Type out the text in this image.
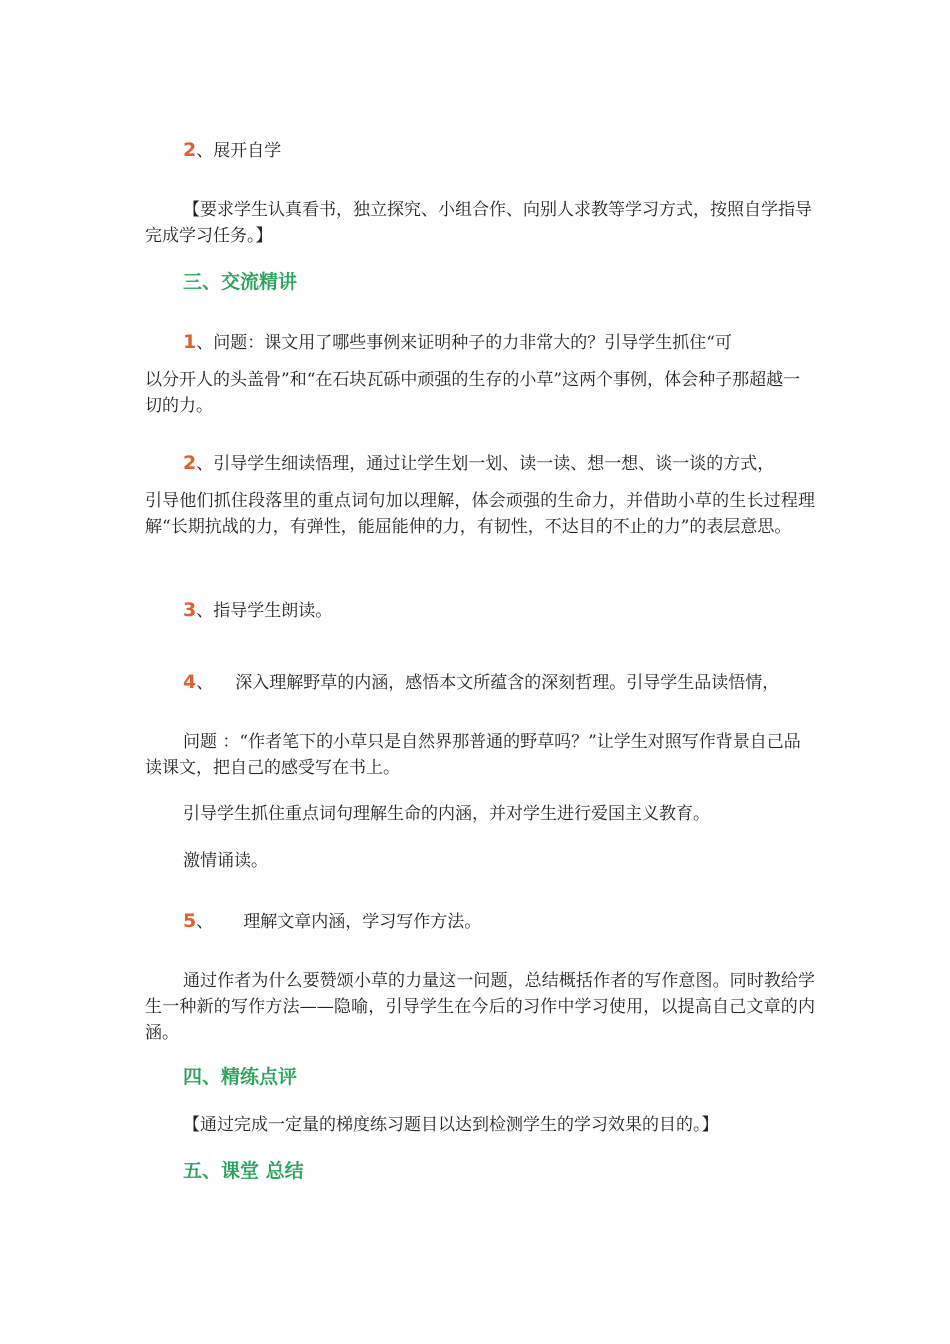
2、展开自学
【要求学生认真看书，独立探究、小组合作、向别人求教等学习方式，按照自学指导完成学习任务。】
三、交流精讲
1、问题：课文用了哪些事例来证明种子的力非常大的？引导学生抓住“可
以分开人的头盖骨”和“在石块瓦砾中顽强的生存的小草”这两个事例，体会种子那超越一切的力。
2、引导学生细读悟理，通过让学生划一划、读一读、想一想、谈一谈的方式，
引导他们抓住段落里的重点词句加以理解，体会顽强的生命力，并借助小草的生长过程理解“长期抗战的力，有弹性，能屈能伸的力，有韧性，不达目的不止的力”的表层意思。
3、指导学生朗读。
4、 深入理解野草的内涵，感悟本文所蕴含的深刻哲理。引导学生品读悟情，
问题 ：“作者笔下的小草只是自然界那普通的野草吗？”让学生对照写作背景自己品读课文，把自己的感受写在书上。
引导学生抓住重点词句理解生命的内涵，并对学生进行爱国主义教育。
激情诵读。
5、 理解文章内涵，学习写作方法。
通过作者为什么要赞颂小草的力量这一问题，总结概括作者的写作意图。同时教给学生一种新的写作方法——隐喻，引导学生在今后的习作中学习使用，以提高自己文章的内涵。
四、精练点评
【通过完成一定量的梯度练习题目以达到检测学生的学习效果的目的。】
五、课堂 总结
